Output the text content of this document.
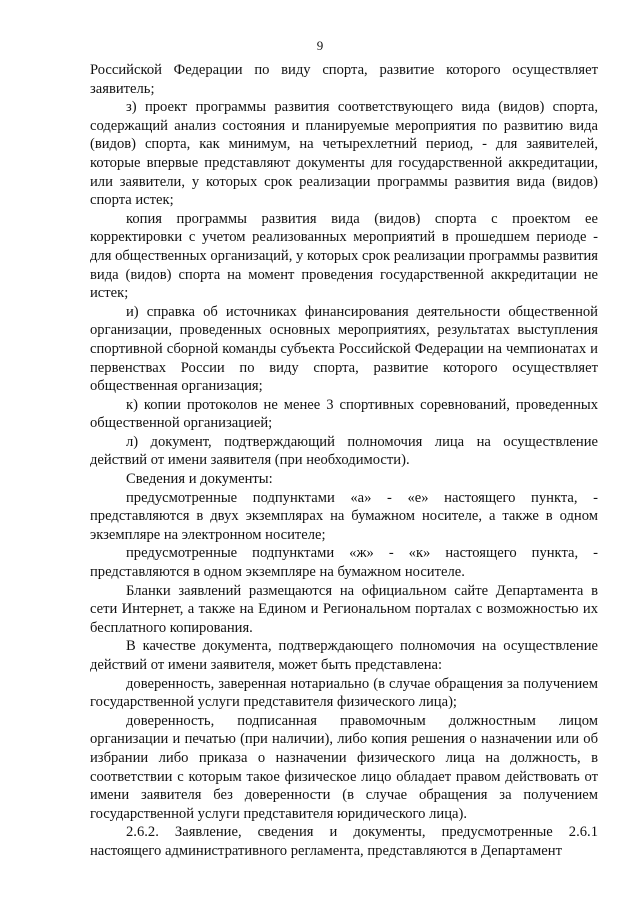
9

Российской Федерации по виду спорта, развитие которого осуществляет заявитель;

з) проект программы развития соответствующего вида (видов) спорта, содержащий анализ состояния и планируемые мероприятия по развитию вида (видов) спорта, как минимум, на четырехлетний период, - для заявителей, которые впервые представляют документы для государственной аккредитации, или заявители, у которых срок реализации программы развития вида (видов) спорта истек;

копия программы развития вида (видов) спорта с проектом ее корректировки с учетом реализованных мероприятий в прошедшем периоде - для общественных организаций, у которых срок реализации программы развития вида (видов) спорта на момент проведения государственной аккредитации не истек;

и) справка об источниках финансирования деятельности общественной организации, проведенных основных мероприятиях, результатах выступления спортивной сборной команды субъекта Российской Федерации на чемпионатах и первенствах России по виду спорта, развитие которого осуществляет общественная организация;

к) копии протоколов не менее 3 спортивных соревнований, проведенных общественной организацией;

л) документ, подтверждающий полномочия лица на осуществление действий от имени заявителя (при необходимости).

Сведения и документы:

предусмотренные подпунктами «а» - «е» настоящего пункта, - представляются в двух экземплярах на бумажном носителе, а также в одном экземпляре на электронном носителе;

предусмотренные подпунктами «ж» - «к» настоящего пункта, - представляются в одном экземпляре на бумажном носителе.

Бланки заявлений размещаются на официальном сайте Департамента в сети Интернет, а также на Едином и Региональном порталах с возможностью их бесплатного копирования.

В качестве документа, подтверждающего полномочия на осуществление действий от имени заявителя, может быть представлена:

доверенность, заверенная нотариально (в случае обращения за получением государственной услуги представителя физического лица);

доверенность, подписанная правомочным должностным лицом организации и печатью (при наличии), либо копия решения о назначении или об избрании либо приказа о назначении физического лица на должность, в соответствии с которым такое физическое лицо обладает правом действовать от имени заявителя без доверенности (в случае обращения за получением государственной услуги представителя юридического лица).

2.6.2. Заявление, сведения и документы, предусмотренные 2.6.1 настоящего административного регламента, представляются в Департамент
